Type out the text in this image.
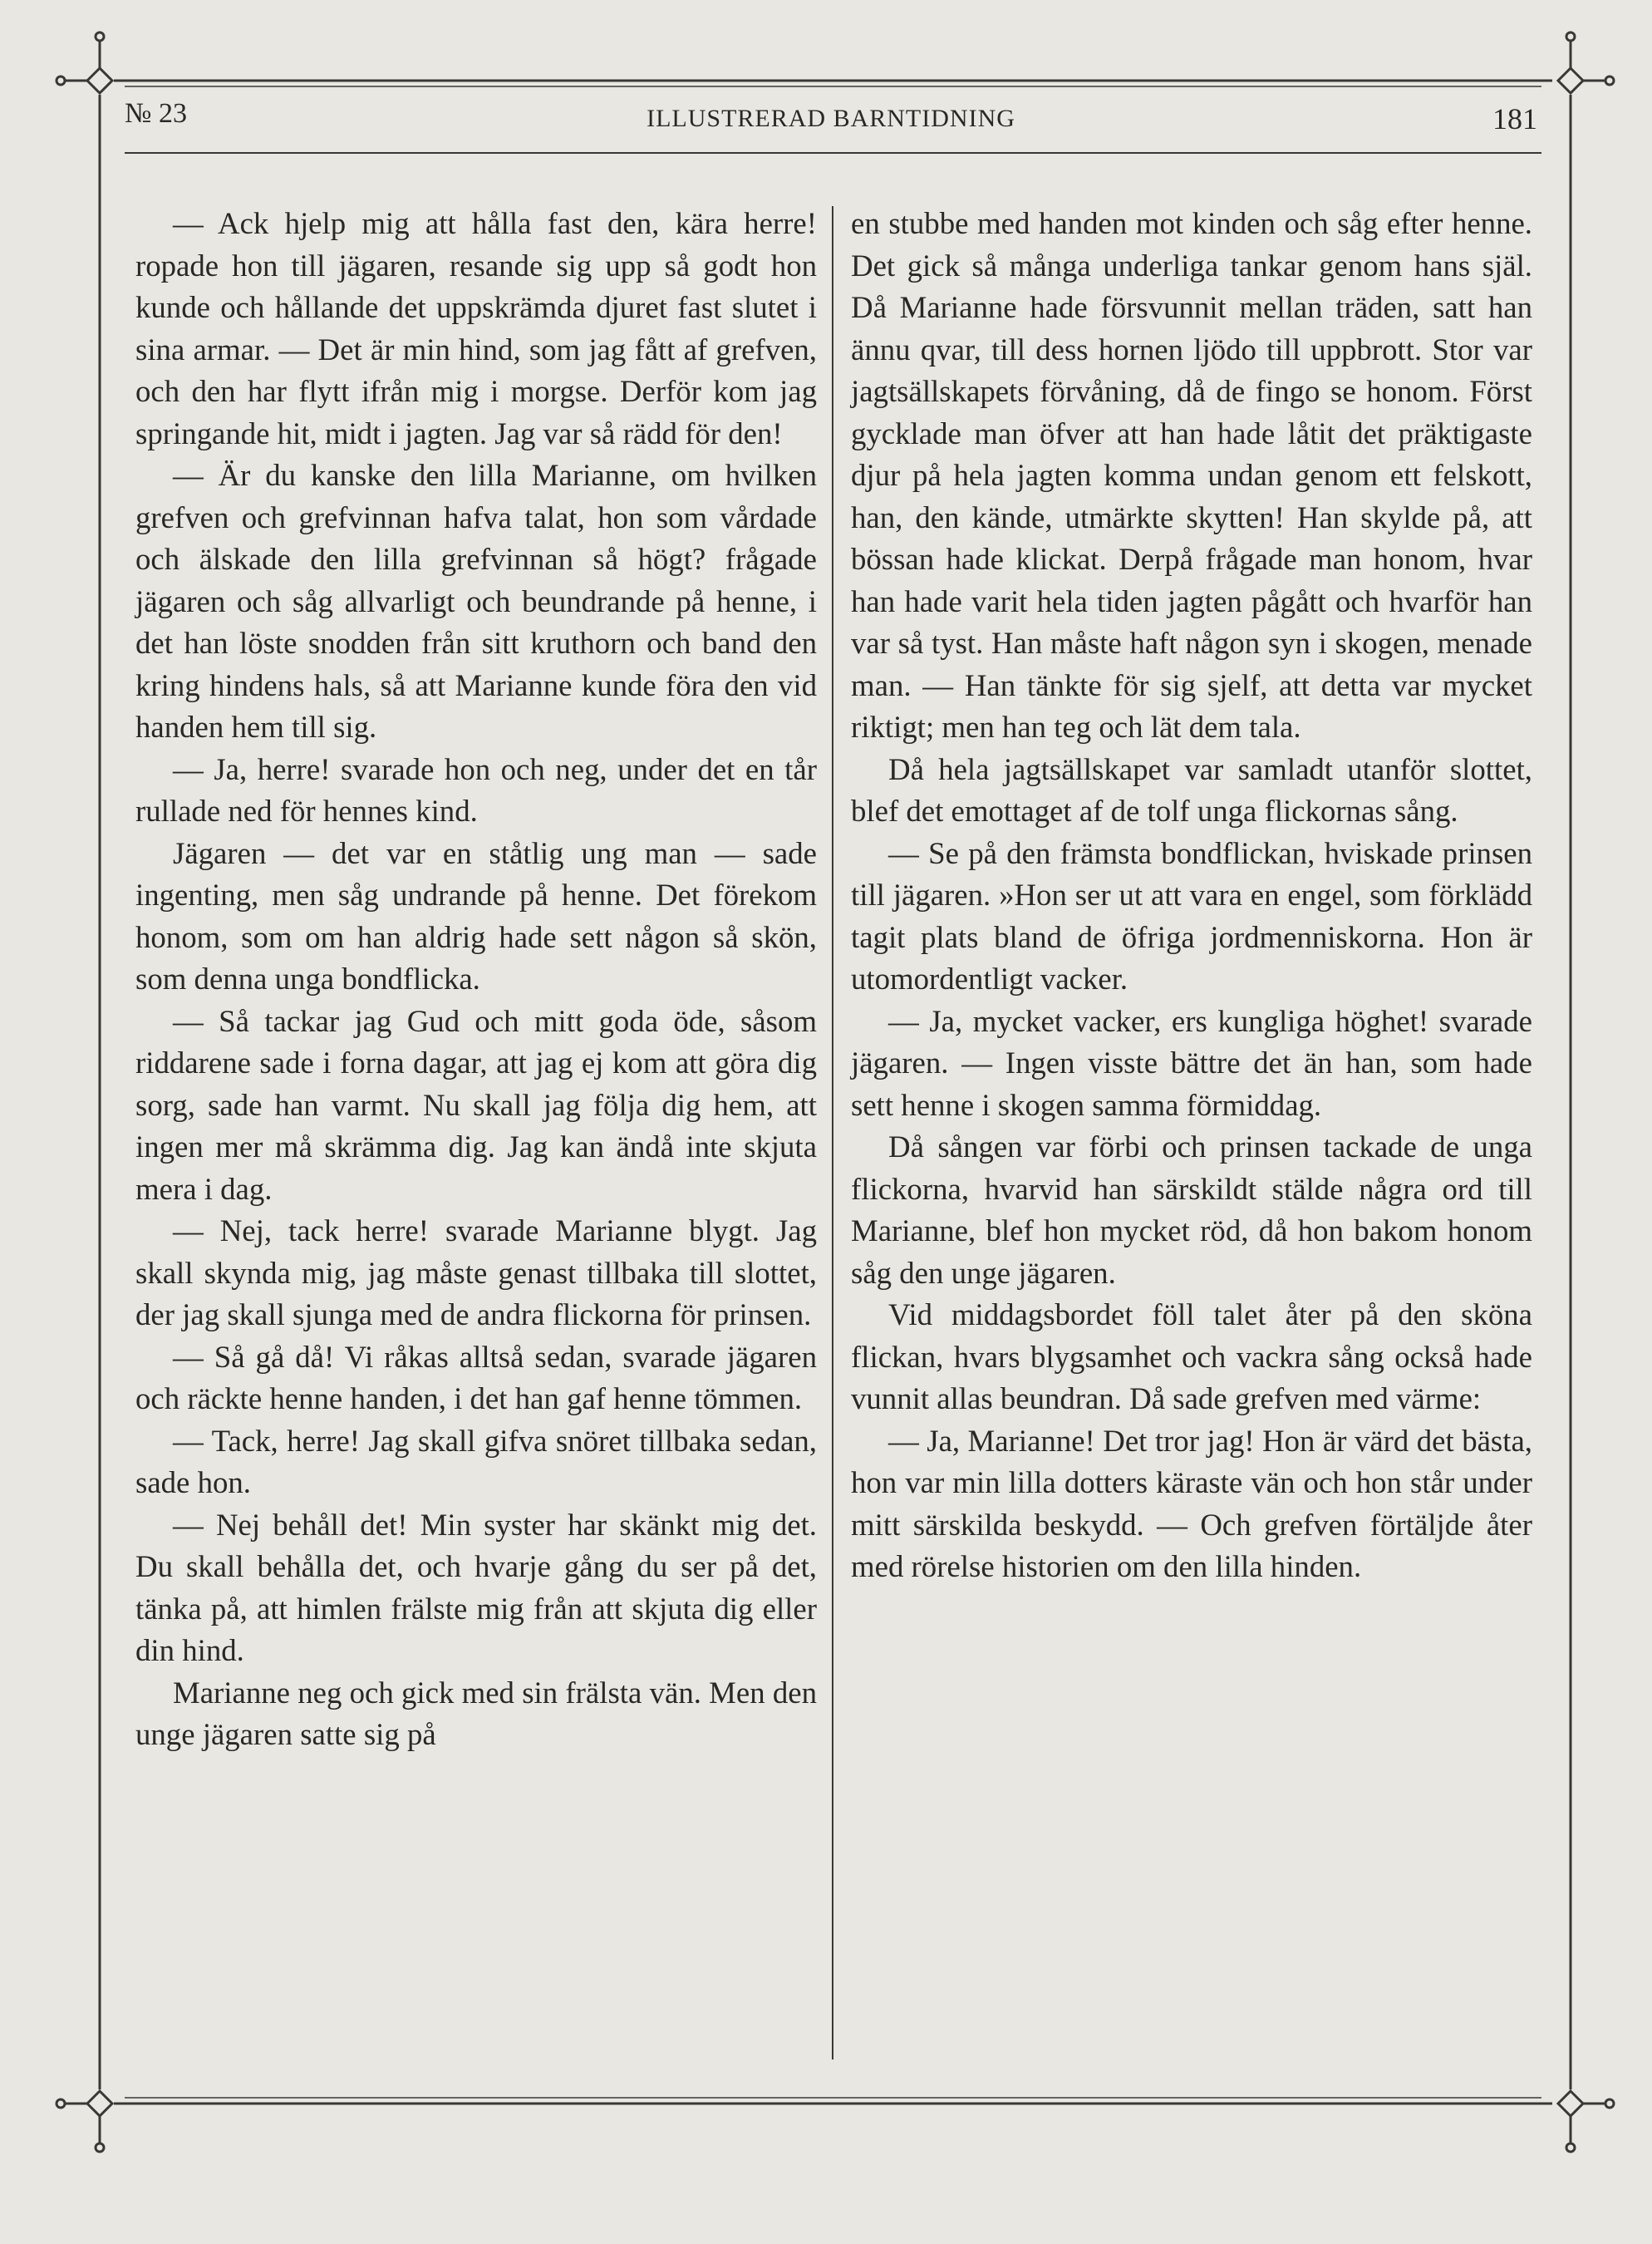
№ 23	ILLUSTRERAD BARNTIDNING	181

— Ack hjelp mig att hålla fast den, kära herre! ropade hon till jägaren, resande sig upp så godt hon kunde och hållande det uppskrämda djuret fast slutet i sina armar. — Det är min hind, som jag fått af grefven, och den har flytt ifrån mig i morgse. Derför kom jag springande hit, midt i jagten. Jag var så rädd för den!

— Är du kanske den lilla Marianne, om hvilken grefven och grefvinnan hafva talat, hon som vårdade och älskade den lilla grefvinnan så högt? frågade jägaren och såg allvarligt och beundrande på henne, i det han löste snodden från sitt kruthorn och band den kring hindens hals, så att Marianne kunde föra den vid handen hem till sig.

— Ja, herre! svarade hon och neg, under det en tår rullade ned för hennes kind.

Jägaren — det var en ståtlig ung man — sade ingenting, men såg undrande på henne. Det förekom honom, som om han aldrig hade sett någon så skön, som denna unga bondflicka.

— Så tackar jag Gud och mitt goda öde, såsom riddarene sade i forna dagar, att jag ej kom att göra dig sorg, sade han varmt. Nu skall jag följa dig hem, att ingen mer må skrämma dig. Jag kan ändå inte skjuta mera i dag.

— Nej, tack herre! svarade Marianne blygt. Jag skall skynda mig, jag måste genast tillbaka till slottet, der jag skall sjunga med de andra flickorna för prinsen.

— Så gå då! Vi råkas alltså sedan, svarade jägaren och räckte henne handen, i det han gaf henne tömmen.

— Tack, herre! Jag skall gifva snöret tillbaka sedan, sade hon.

— Nej behåll det! Min syster har skänkt mig det. Du skall behålla det, och hvarje gång du ser på det, tänka på, att himlen frälste mig från att skjuta dig eller din hind.

Marianne neg och gick med sin frälsta vän. Men den unge jägaren satte sig på

en stubbe med handen mot kinden och såg efter henne. Det gick så många underliga tankar genom hans själ. Då Marianne hade försvunnit mellan träden, satt han ännu qvar, till dess hornen ljödo till uppbrott. Stor var jagtsällskapets förvåning, då de fingo se honom. Först gycklade man öfver att han hade låtit det präktigaste djur på hela jagten komma undan genom ett felskott, han, den kände, utmärkte skytten! Han skylde på, att bössan hade klickat. Derpå frågade man honom, hvar han hade varit hela tiden jagten pågått och hvarför han var så tyst. Han måste haft någon syn i skogen, menade man. — Han tänkte för sig sjelf, att detta var mycket riktigt; men han teg och lät dem tala.

Då hela jagtsällskapet var samladt utanför slottet, blef det emottaget af de tolf unga flickornas sång.

— Se på den främsta bondflickan, hviskade prinsen till jägaren. »Hon ser ut att vara en engel, som förklädd tagit plats bland de öfriga jordmenniskorna. Hon är utomordentligt vacker.

— Ja, mycket vacker, ers kungliga höghet! svarade jägaren. — Ingen visste bättre det än han, som hade sett henne i skogen samma förmiddag.

Då sången var förbi och prinsen tackade de unga flickorna, hvarvid han särskildt stälde några ord till Marianne, blef hon mycket röd, då hon bakom honom såg den unge jägaren.

Vid middagsbordet föll talet åter på den sköna flickan, hvars blygsamhet och vackra sång också hade vunnit allas beundran. Då sade grefven med värme:

— Ja, Marianne! Det tror jag! Hon är värd det bästa, hon var min lilla dotters käraste vän och hon står under mitt särskilda beskydd. — Och grefven förtäljde åter med rörelse historien om den lilla hinden.
